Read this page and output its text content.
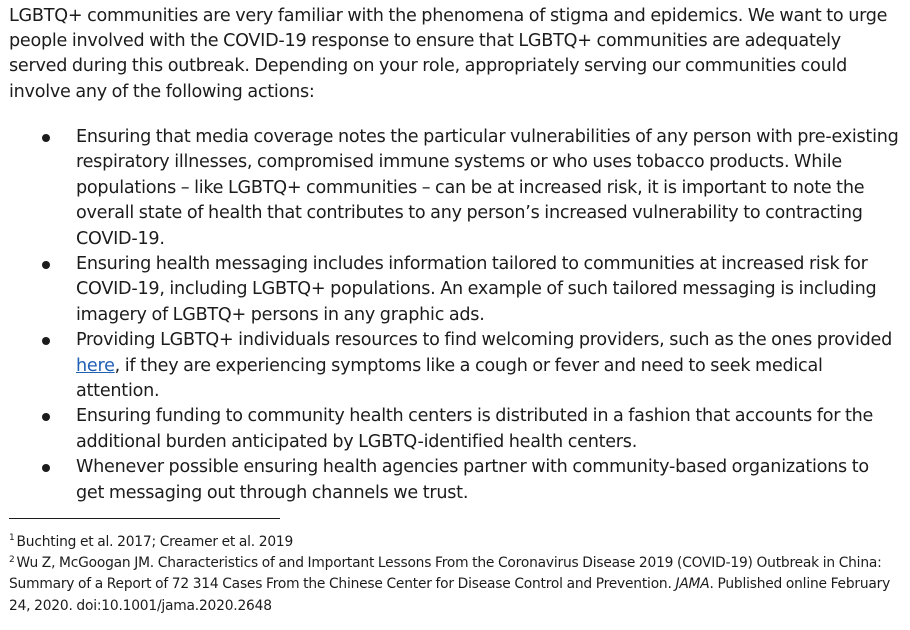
LGBTQ+ communities are very familiar with the phenomena of stigma and epidemics. We want to urge people involved with the COVID-19 response to ensure that LGBTQ+ communities are adequately served during this outbreak. Depending on your role, appropriately serving our communities could involve any of the following actions:

Ensuring that media coverage notes the particular vulnerabilities of any person with pre-existing respiratory illnesses, compromised immune systems or who uses tobacco products. While populations – like LGBTQ+ communities – can be at increased risk, it is important to note the overall state of health that contributes to any person’s increased vulnerability to contracting COVID-19.
Ensuring health messaging includes information tailored to communities at increased risk for COVID-19, including LGBTQ+ populations. An example of such tailored messaging is including imagery of LGBTQ+ persons in any graphic ads.
Providing LGBTQ+ individuals resources to find welcoming providers, such as the ones provided here, if they are experiencing symptoms like a cough or fever and need to seek medical attention.
Ensuring funding to community health centers is distributed in a fashion that accounts for the additional burden anticipated by LGBTQ-identified health centers.
Whenever possible ensuring health agencies partner with community-based organizations to get messaging out through channels we trust.

$^1$ Buchting et al. 2017; Creamer et al. 2019

$^2$ Wu Z, McGoogan JM. Characteristics of and Important Lessons From the Coronavirus Disease 2019 (COVID-19) Outbreak in China: Summary of a Report of 72 314 Cases From the Chinese Center for Disease Control and Prevention. JAMA. Published online February 24, 2020. doi:10.1001/jama.2020.2648
